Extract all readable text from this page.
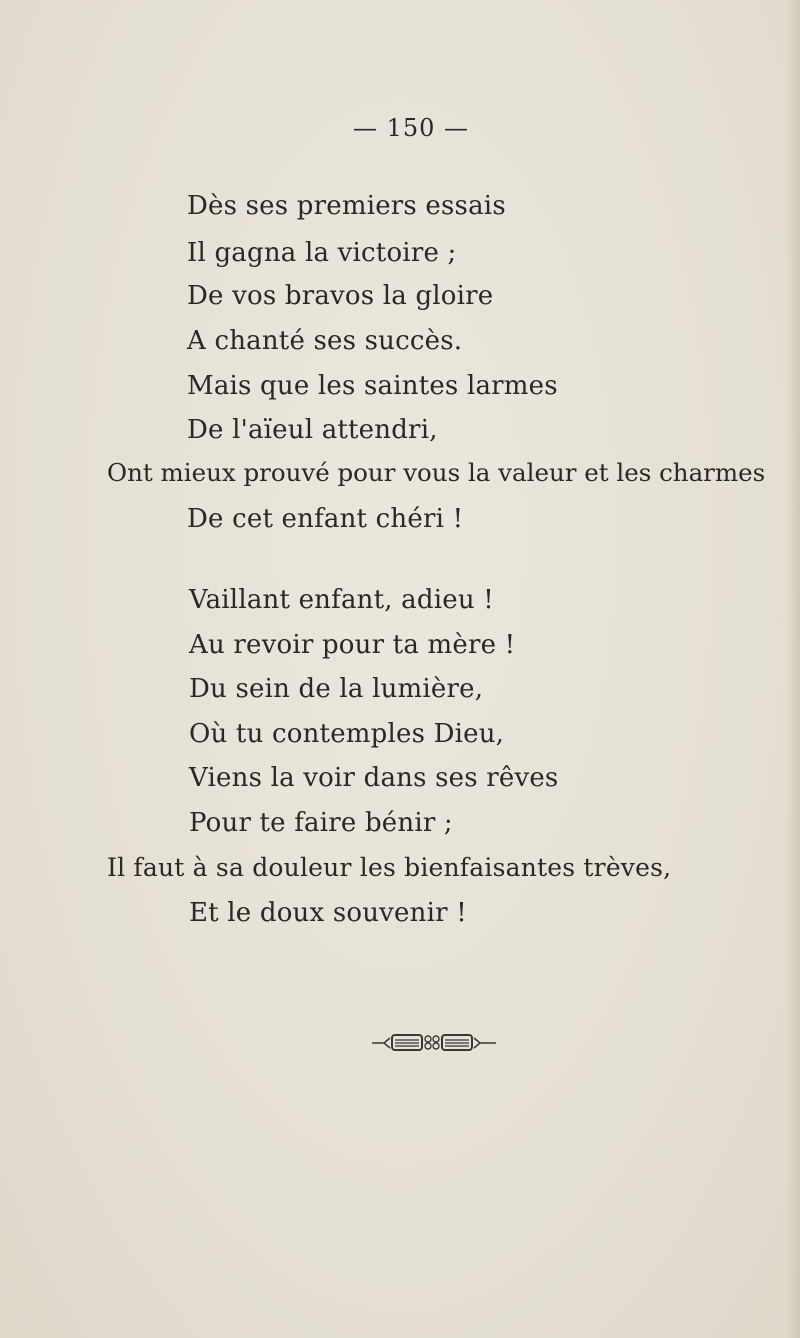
— 150 —
Dès ses premiers essais
Il gagna la victoire ;
De vos bravos la gloire
A chanté ses succès.
Mais que les saintes larmes
De l'aïeul attendri,
Ont mieux prouvé pour vous la valeur et les charmes
De cet enfant chéri !
Vaillant enfant, adieu !
Au revoir pour ta mère !
Du sein de la lumière,
Où tu contemples Dieu,
Viens la voir dans ses rêves
Pour te faire bénir ;
Il faut à sa douleur les bienfaisantes trèves,
Et le doux souvenir !
